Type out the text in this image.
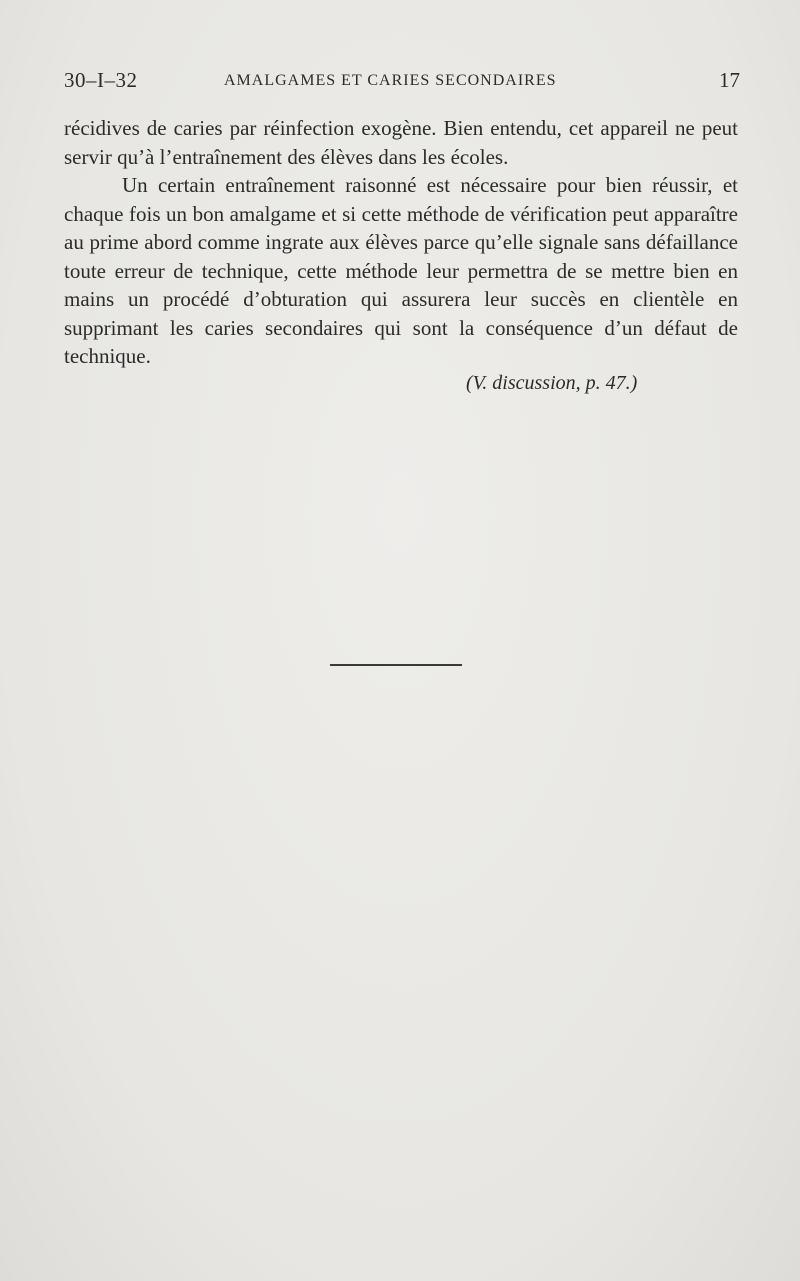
30–I–32	AMALGAMES ET CARIES SECONDAIRES	17

récidives de caries par réinfection exogène. Bien entendu, cet appareil ne peut servir qu’à l’entraînement des élèves dans les écoles.

Un certain entraînement raisonné est nécessaire pour bien réussir, et chaque fois un bon amalgame et si cette méthode de vérification peut apparaître au prime abord comme ingrate aux élèves parce qu’elle signale sans défaillance toute erreur de technique, cette méthode leur permettra de se mettre bien en mains un procédé d’obturation qui assurera leur succès en clientèle en supprimant les caries secondaires qui sont la conséquence d’un défaut de technique.

(V. discussion, p. 47.)
